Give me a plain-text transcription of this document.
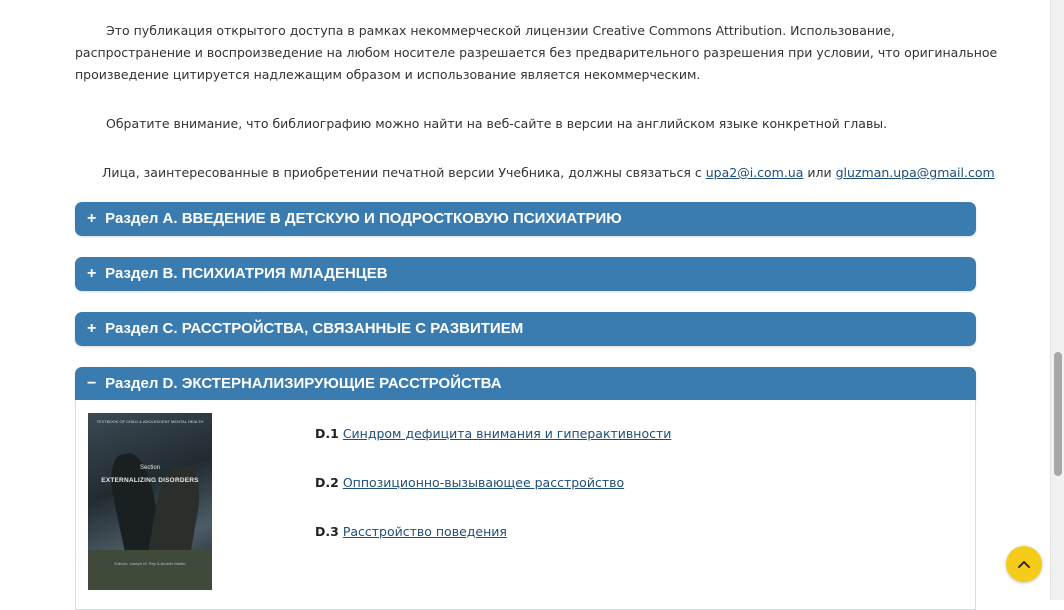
Это публикация открытого доступа в рамках некоммерческой лицензии Creative Commons Attribution. Использование,

распространение и воспроизведение на любом носителе разрешается без предварительного разрешения при условии, что оригинальное

произведение цитируется надлежащим образом и использование является некоммерческим.

Обратите внимание, что библиографию можно найти на веб-сайте в версии на английском языке конкретной главы.

Лица, заинтересованные в приобретении печатной версии Учебника, должны связаться с upa2@i.com.ua или gluzman.upa@gmail.com

+ Раздел A. ВВЕДЕНИЕ В ДЕТСКУЮ И ПОДРОСТКОВУЮ ПСИХИАТРИЮ
+ Раздел B. ПСИХИАТРИЯ МЛАДЕНЦЕВ
+ Раздел C. РАССТРОЙСТВА, СВЯЗАННЫЕ С РАЗВИТИЕМ
− Раздел D. ЭКСТЕРНАЛИЗИРУЮЩИЕ РАССТРОЙСТВА
TEXTBOOK OF CHILD & ADOLESCENT MENTAL HEALTH
Section
EXTERNALIZING DISORDERS
Editors: Joseph M. Rey & Andrés Martin
D.1 Синдром дефицита внимания и гиперактивности
D.2 Оппозиционно-вызывающее расстройство
D.3 Расстройство поведения
